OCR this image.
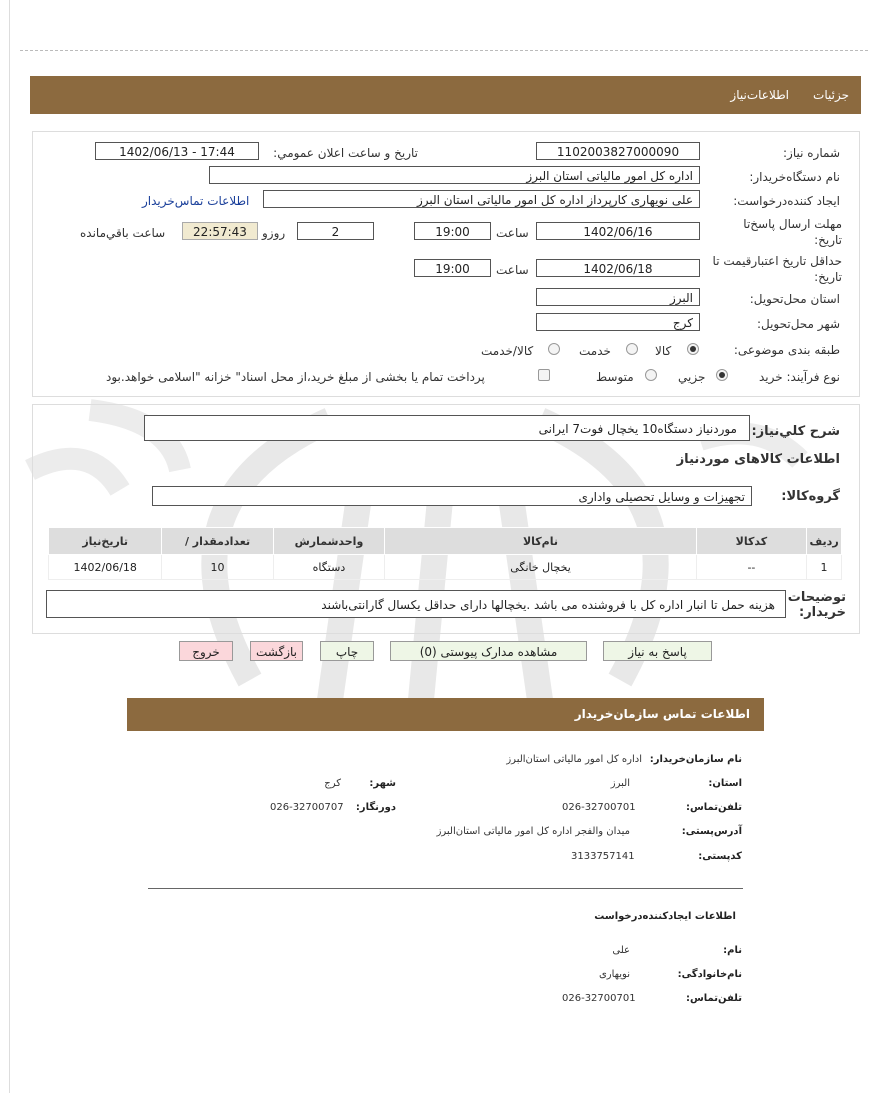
جزئیات
اطلاعات‌نیاز
شماره نیاز:
1102003827000090
تاریخ و ساعت اعلان عمومي:
1402/06/13 - 17:44
نام دستگاه‌خریدار:
اداره کل امور مالیاتی استان البرز
ایجاد کننده‌درخواست:
علی نویهاری کارپرداز اداره کل امور مالیاتی استان البرز
اطلاعات تماس‌خریدار
مهلت ارسال پاسخ‌تا تاریخ:
1402/06/16
ساعت
19:00
2
روزو
22:57:43
ساعت باقي‌مانده
حداقل تاریخ اعتبار‌قیمت تا تاریخ:
1402/06/18
ساعت
19:00
استان محل‌تحویل:
البرز
شهر محل‌تحویل:
کرج
طبقه بندی موضوعی:
کالا
خدمت
کالا/خدمت
نوع فرآیند: خرید
جزیي
متوسط
پرداخت تمام یا بخشی از مبلغ خرید،از محل اسناد" خزانه "اسلامی خواهد.بود
شرح کلي‌نیاز:
موردنیاز دستگاه10 یخچال فوت7 ایرانی
اطلاعات کالاهای موردنیاز
گروه‌کالا:
تجهیزات و وسایل تحصیلی واداری
ردیف	کدکالا	نام‌کالا	واحدشمارش	تعدادمقدار /	تاریخ‌نیاز
1	--	یخچال خانگی	دستگاه	10	1402/06/18
توضیحات خریدار:
هزینه حمل تا انبار اداره کل با فروشنده می باشد .یخچالها دارای حداقل یکسال گارانتی‌باشند
پاسخ به نیاز
مشاهده مدارک پیوستی (0)
چاپ
بازگشت
خروج
اطلاعات تماس سازمان‌خریدار
نام سازمان‌خریدار:
اداره کل امور مالیاتی استان‌البرز
استان:
البرز
شهر:
کرج
تلفن‌تماس:
026-32700701
دورنگار:
026-32700707
آدرس‌پستی:
میدان والفجر اداره کل امور مالیاتی استان‌البرز
کدپستی:
3133757141
اطلاعات ایجادکننده‌درخواست
نام:
علی
نام‌خانوادگی:
نویهاری
تلفن‌تماس:
026-32700701
